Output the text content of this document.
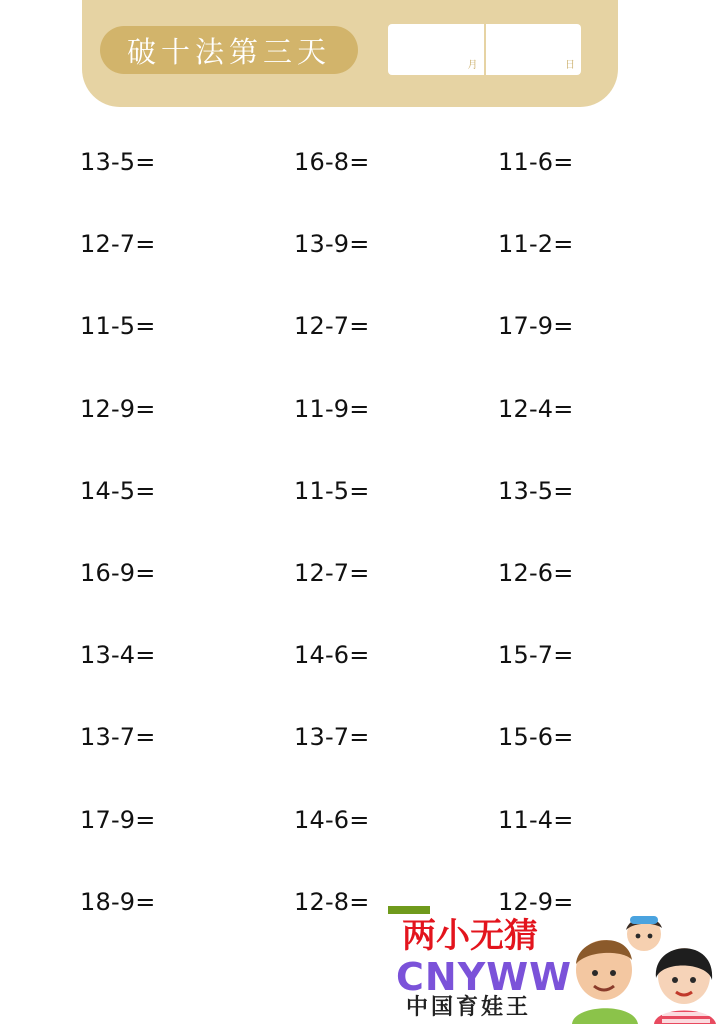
破十法第三天	月	日
13-5=	16-8=	11-6=
12-7=	13-9=	11-2=
11-5=	12-7=	17-9=
12-9=	11-9=	12-4=
14-5=	11-5=	13-5=
16-9=	12-7=	12-6=
13-4=	14-6=	15-7=
13-7=	13-7=	15-6=
17-9=	14-6=	11-4=
18-9=	12-8=	12-9=
两小无猜
CNYWW
中国育娃王
